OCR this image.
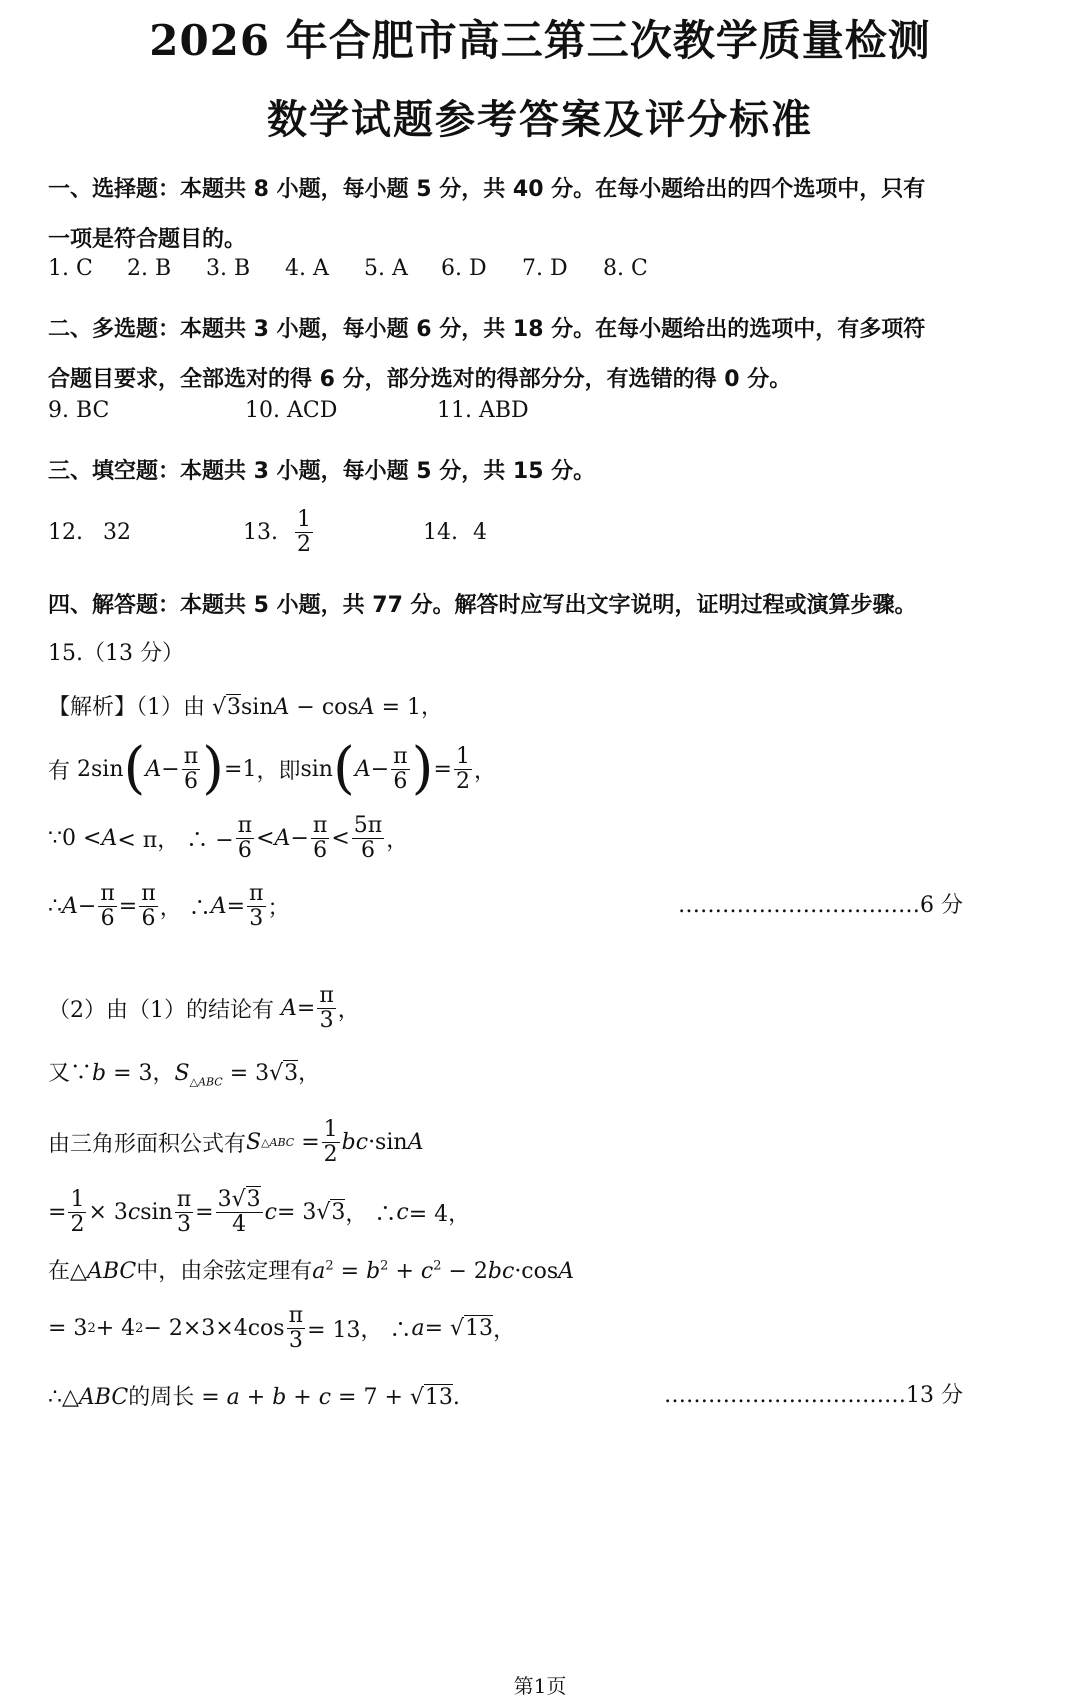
2026 年合肥市高三第三次教学质量检测
数学试题参考答案及评分标准
一、选择题：本题共 8 小题，每小题 5 分，共 40 分。在每小题给出的四个选项中，只有
一项是符合题目的。
1. C 2. B 3. B 4. A 5. A 6. D 7. D 8. C
二、多选题：本题共 3 小题，每小题 6 分，共 18 分。在每小题给出的选项中，有多项符
合题目要求，全部选对的得 6 分，部分选对的得部分分，有选错的得 0 分。
9. BC	10. ACD	11. ABD
三、填空题：本题共 3 小题，每小题 5 分，共 15 分。
12. 32	13. $\frac{1}{2}$	14. 4
四、解答题：本题共 5 小题，共 77 分。解答时应写出文字说明，证明过程或演算步骤。
15.（13 分）
【解析】（1）由 √3sinA − cosA = 1，
有 2sin ( $A - \frac{\pi}{6}$ ) =1 ，即 sin ( $A - \frac{\pi}{6}$ ) = $\frac{1}{2}$ ，
∵ 0 < A < π， ∴ − $\frac{\pi}{6} < A - \frac{\pi}{6} < \frac{5\pi}{6}$ ，
∴ $A - \frac{\pi}{6} = \frac{\pi}{6}$ ， ∴ $A = \frac{\pi}{3}$ ；	……………………………6 分
（2）由（1）的结论有
$A = \frac{\pi}{3}$ ，
又∵b = 3，$S_{\triangle ABC} = 3√3$，
由三角形面积公式有 S △ABC = $\frac{1}{2}$ bc ·sin A
= $\frac{1}{2} \times 3$ c $\sin \frac{\pi}{3} = \frac{3√3}{4}$ c = 3√ 3 ， ∴ c = 4，
在△ABC中，由余弦定理有$a^2 = b^2 + c^2 - 2bc\cdot\cos A$
= 3 2 + 4 $2 - 2\times 3\times 4\cos \frac{\pi}{3} = 13$， ∴ a = √ 13 ，
∴△ABC的周长 = a + b + c = 7 + √13.	……………………………13 分
第1页
